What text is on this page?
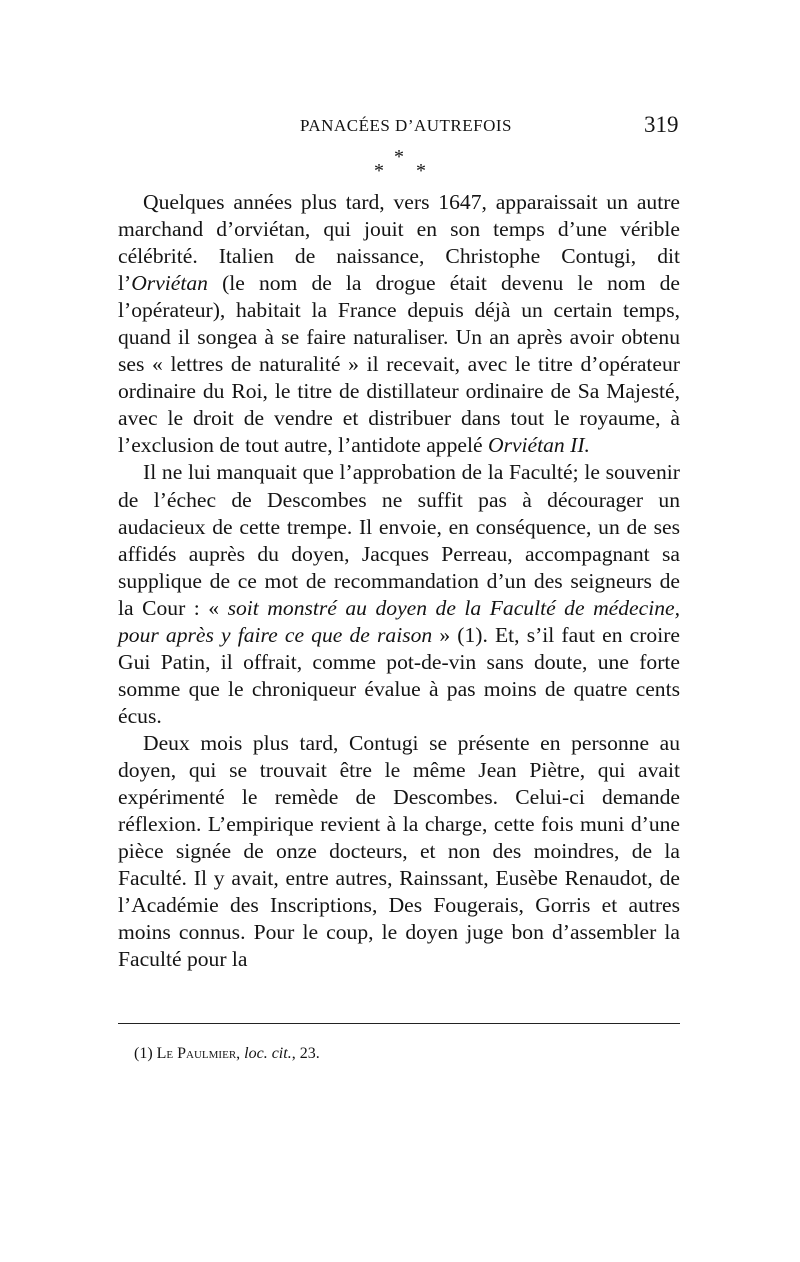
PANACÉES D’AUTREFOIS	319
*
* *

Quelques années plus tard, vers 1647, apparaissait un autre marchand d’orviétan, qui jouit en son temps d’une vérible célébrité. Italien de naissance, Christophe Contugi, dit l’Orviétan (le nom de la drogue était devenu le nom de l’opérateur), habitait la France depuis déjà un certain temps, quand il songea à se faire naturaliser. Un an après avoir obtenu ses « lettres de naturalité » il recevait, avec le titre d’opérateur ordinaire du Roi, le titre de distillateur ordinaire de Sa Majesté, avec le droit de vendre et distribuer dans tout le royaume, à l’exclusion de tout autre, l’antidote appelé Orviétan II.

Il ne lui manquait que l’approbation de la Faculté; le souvenir de l’échec de Descombes ne suffit pas à décourager un audacieux de cette trempe. Il envoie, en conséquence, un de ses affidés auprès du doyen, Jacques Perreau, accompagnant sa supplique de ce mot de recommandation d’un des seigneurs de la Cour : « soit monstré au doyen de la Faculté de médecine, pour après y faire ce que de raison » (1). Et, s’il faut en croire Gui Patin, il offrait, comme pot-de-vin sans doute, une forte somme que le chroniqueur évalue à pas moins de quatre cents écus.

Deux mois plus tard, Contugi se présente en personne au doyen, qui se trouvait être le même Jean Piètre, qui avait expérimenté le remède de Descombes. Celui-ci demande réflexion. L’empirique revient à la charge, cette fois muni d’une pièce signée de onze docteurs, et non des moindres, de la Faculté. Il y avait, entre autres, Rainssant, Eusèbe Renaudot, de l’Académie des Inscriptions, Des Fougerais, Gorris et autres moins connus. Pour le coup, le doyen juge bon d’assembler la Faculté pour la

(1) Le Paulmier, loc. cit., 23.
